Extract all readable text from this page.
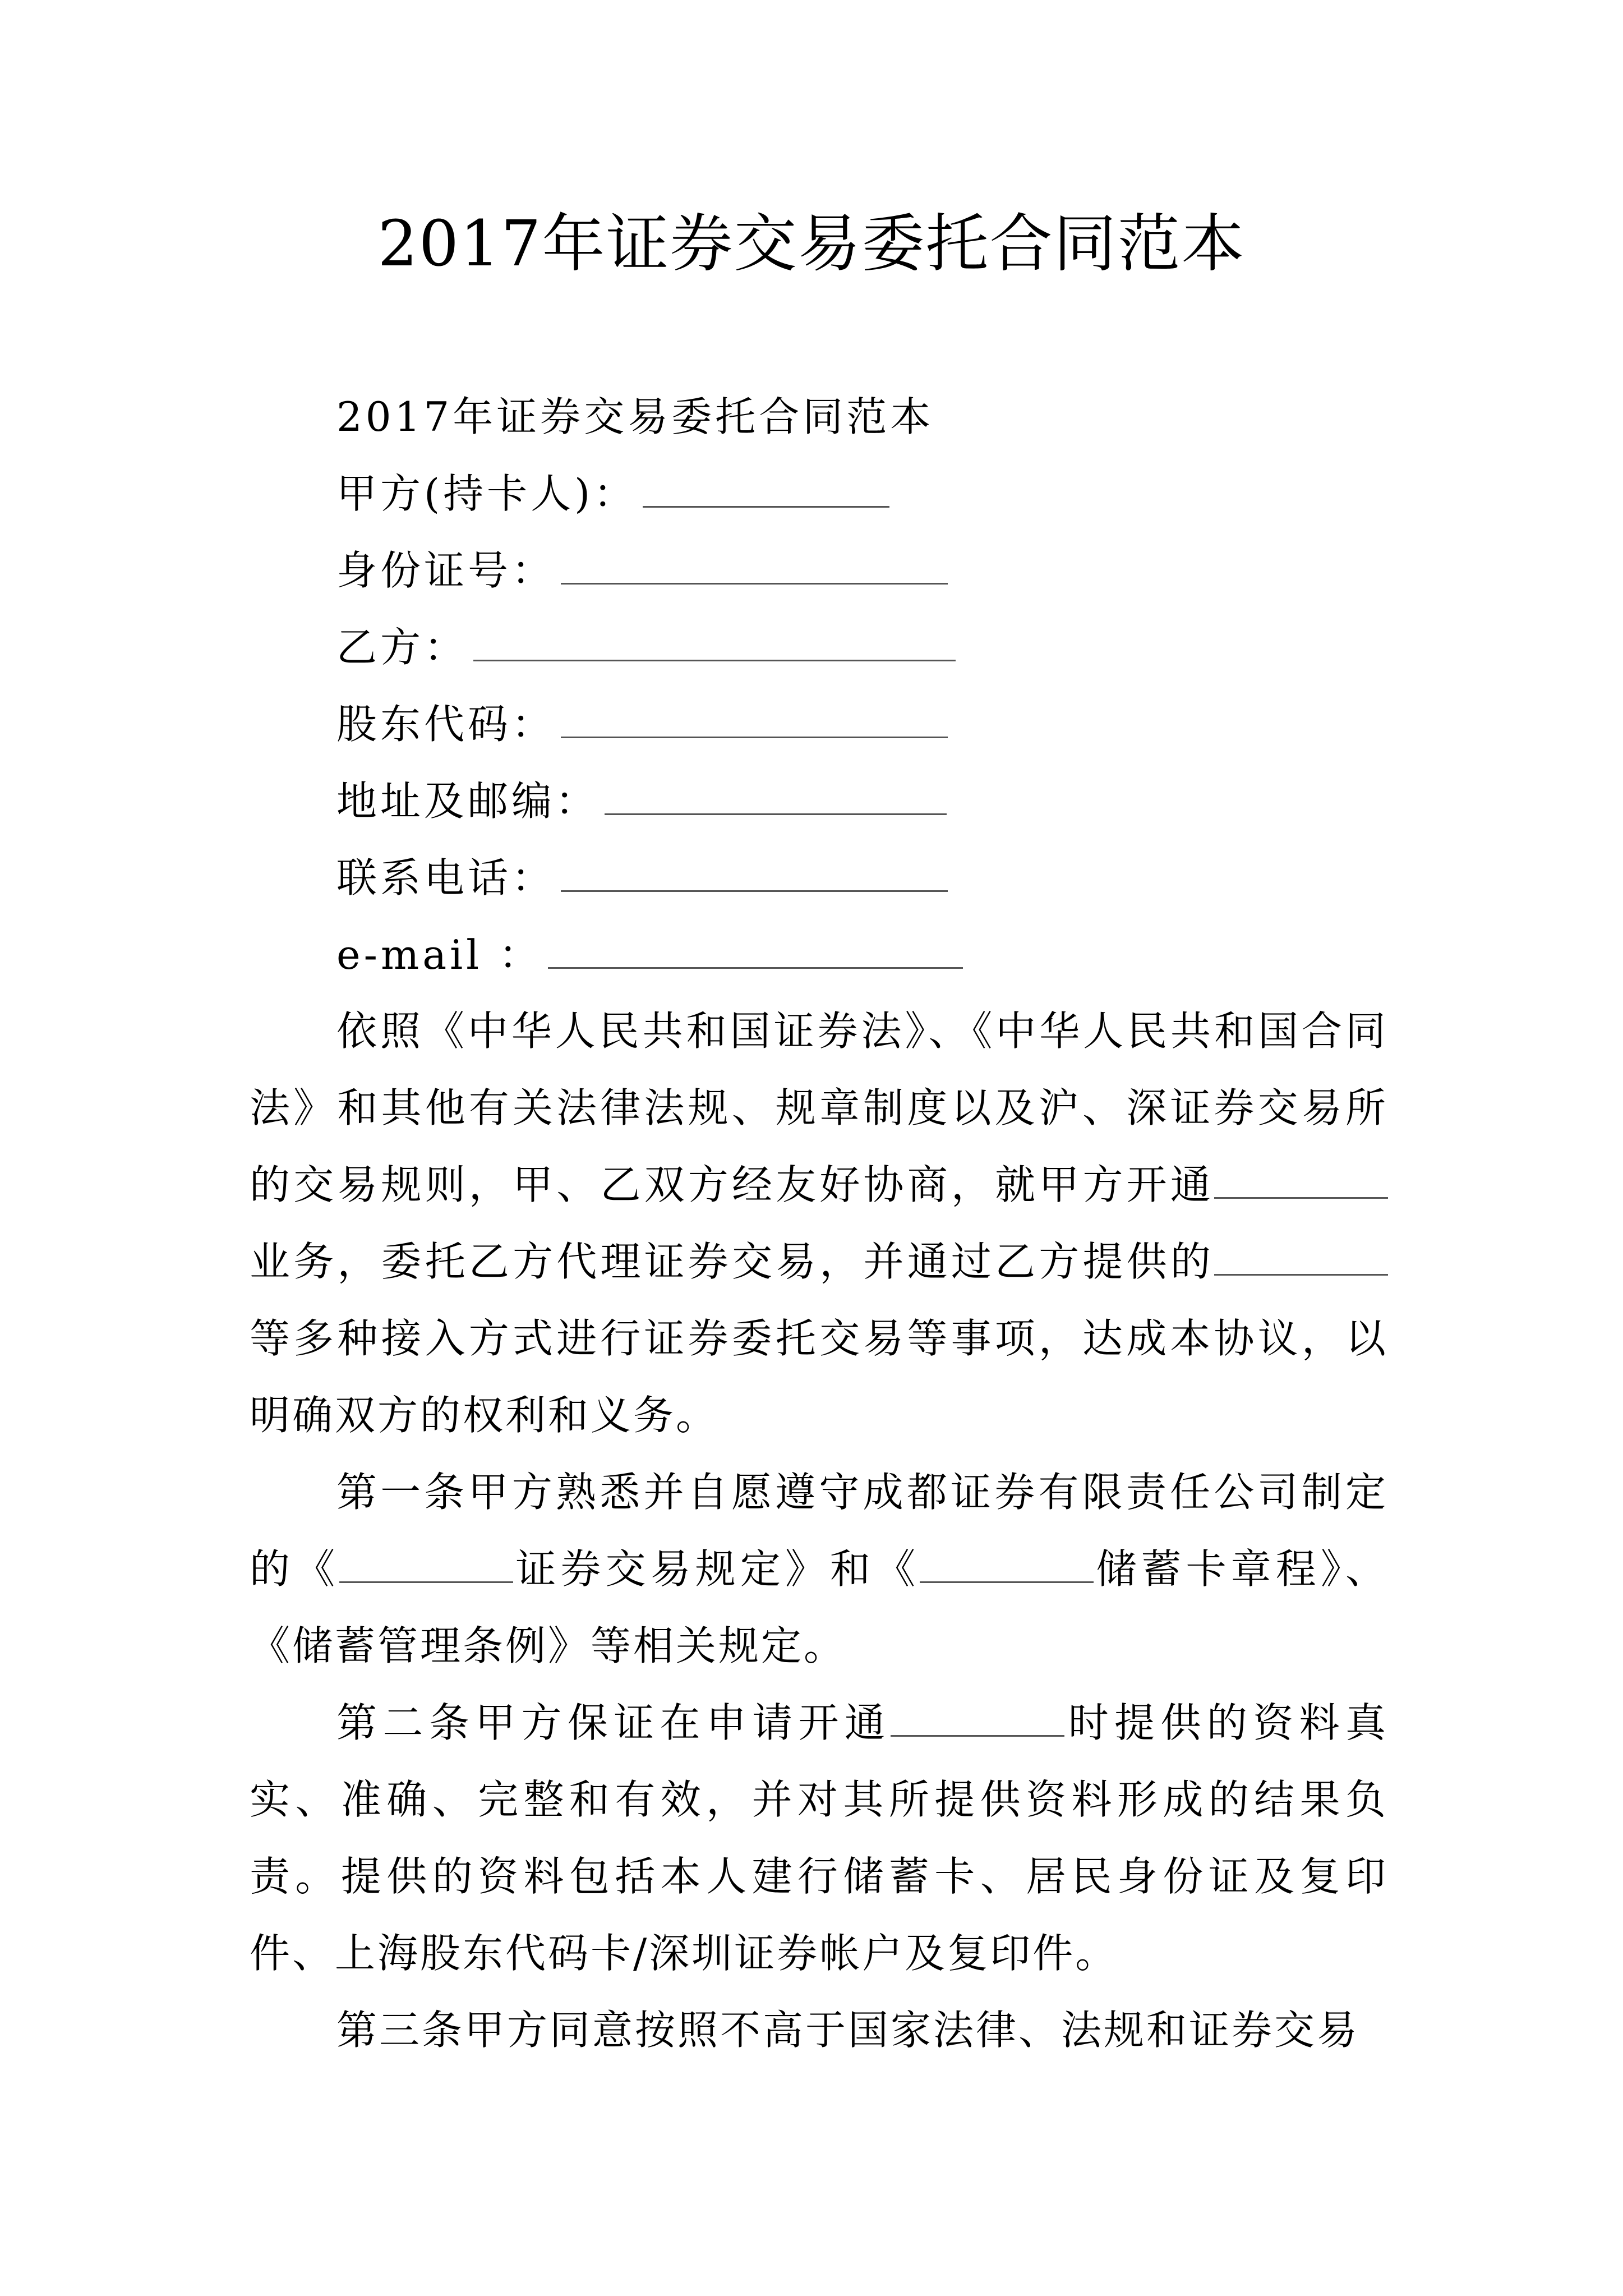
2017年证券交易委托合同范本
2017年证券交易委托合同范本
甲方(持卡人)：
身份证号：
乙方：
股东代码：
地址及邮编：
联系电话：
e-mail ：

依照《中华人民共和国证券法》、《中华人民共和国合同法》和其他有关法律法规、规章制度以及沪、深证券交易所的交易规则，甲、乙双方经友好协商，就甲方开通业务，委托乙方代理证券交易，并通过乙方提供的等多种接入方式进行证券委托交易等事项，达成本协议，以明确双方的权利和义务。

第一条甲方熟悉并自愿遵守成都证券有限责任公司制定的《	证券交易规定》和《	储蓄卡章程》、《储蓄管理条例》等相关规定。

第二条甲方保证在申请开通	时提供的资料真实、准确、完整和有效，并对其所提供资料形成的结果负责。提供的资料包括本人建行储蓄卡、居民身份证及复印件、上海股东代码卡/深圳证券帐户及复印件。

第三条甲方同意按照不高于国家法律、法规和证券交易
